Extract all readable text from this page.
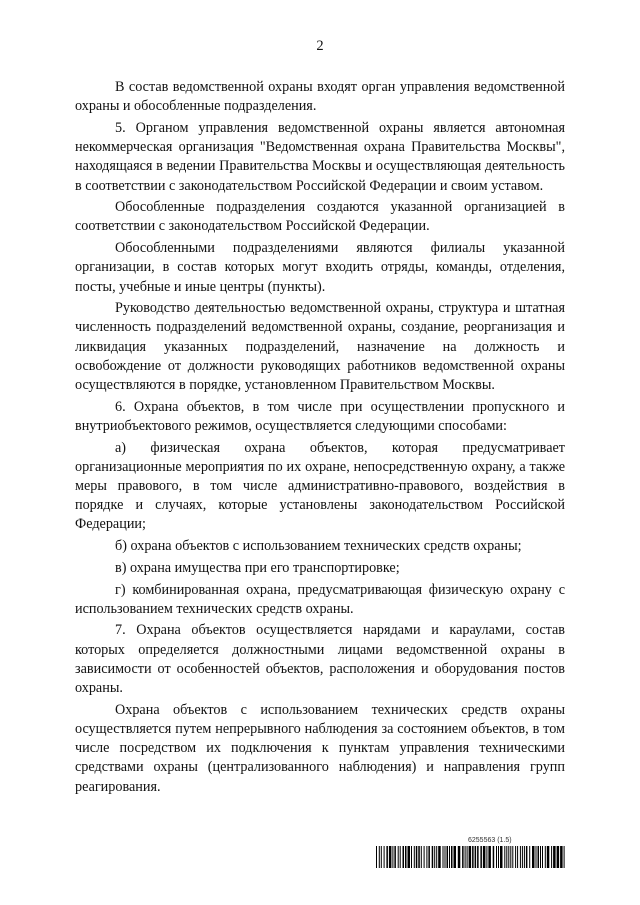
2

В состав ведомственной охраны входят орган управления ведомственной охраны и обособленные подразделения.

5. Органом управления ведомственной охраны является автономная некоммерческая организация "Ведомственная охрана Правительства Москвы", находящаяся в ведении Правительства Москвы и осуществляющая деятельность в соответствии с законодательством Российской Федерации и своим уставом.

Обособленные подразделения создаются указанной организацией в соответствии с законодательством Российской Федерации.

Обособленными подразделениями являются филиалы указанной организации, в состав которых могут входить отряды, команды, отделения, посты, учебные и иные центры (пункты).

Руководство деятельностью ведомственной охраны, структура и штатная численность подразделений ведомственной охраны, создание, реорганизация и ликвидация указанных подразделений, назначение на должность и освобождение от должности руководящих работников ведомственной охраны осуществляются в порядке, установленном Правительством Москвы.

6. Охрана объектов, в том числе при осуществлении пропускного и внутриобъектового режимов, осуществляется следующими способами:

а) физическая охрана объектов, которая предусматривает организационные мероприятия по их охране, непосредственную охрану, а также меры правового, в том числе административно-правового, воздействия в порядке и случаях, которые установлены законодательством Российской Федерации;

б) охрана объектов с использованием технических средств охраны;

в) охрана имущества при его транспортировке;

г) комбинированная охрана, предусматривающая физическую охрану с использованием технических средств охраны.

7. Охрана объектов осуществляется нарядами и караулами, состав которых определяется должностными лицами ведомственной охраны в зависимости от особенностей объектов, расположения и оборудования постов охраны.

Охрана объектов с использованием технических средств охраны осуществляется путем непрерывного наблюдения за состоянием объектов, в том числе посредством их подключения к пунктам управления техническими средствами охраны (централизованного наблюдения) и направления групп реагирования.

6255563 (1.5)
